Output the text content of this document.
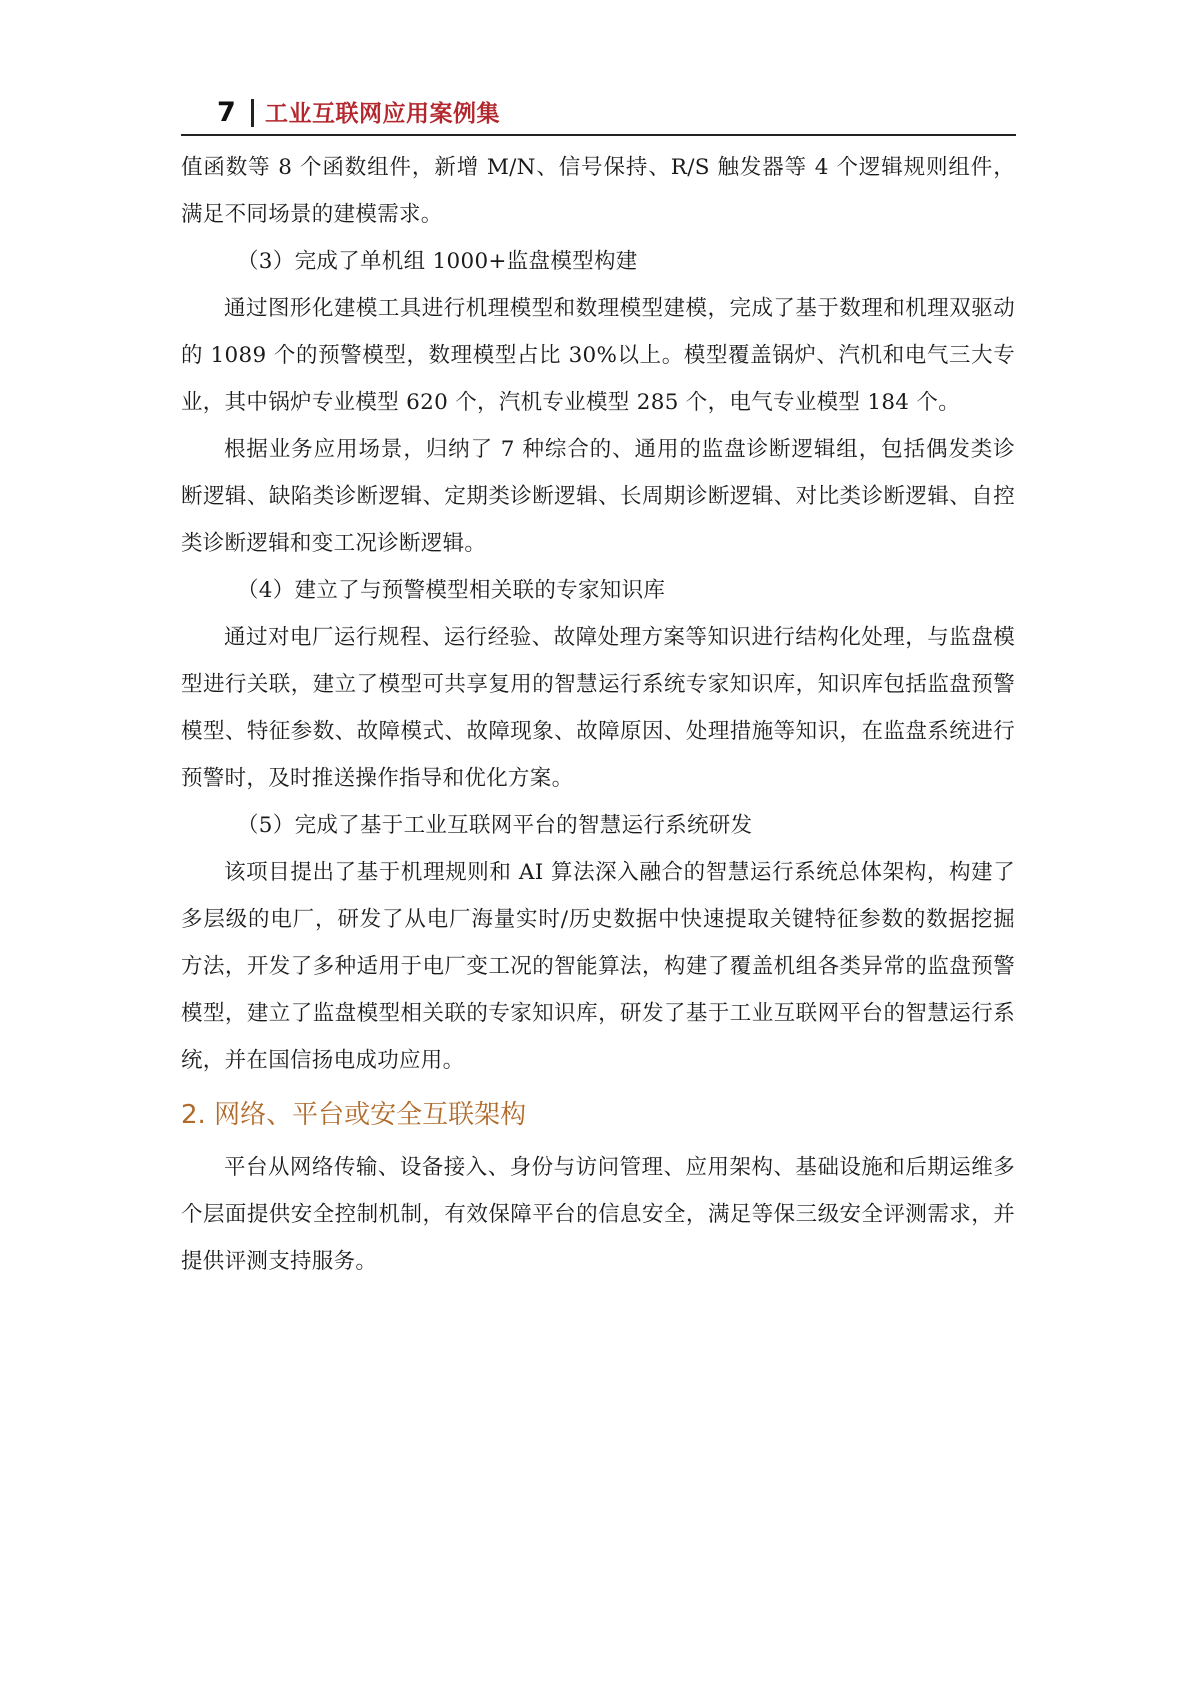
7 工业互联网应用案例集

值函数等 8 个函数组件，新增 M/N、信号保持、R/S 触发器等 4 个逻辑规则组件，满足不同场景的建模需求。

（3）完成了单机组 1000+监盘模型构建

通过图形化建模工具进行机理模型和数理模型建模，完成了基于数理和机理双驱动的 1089 个的预警模型，数理模型占比 30%以上。模型覆盖锅炉、汽机和电气三大专业，其中锅炉专业模型 620 个，汽机专业模型 285 个，电气专业模型 184 个。

根据业务应用场景，归纳了 7 种综合的、通用的监盘诊断逻辑组，包括偶发类诊断逻辑、缺陷类诊断逻辑、定期类诊断逻辑、长周期诊断逻辑、对比类诊断逻辑、自控类诊断逻辑和变工况诊断逻辑。

（4）建立了与预警模型相关联的专家知识库

通过对电厂运行规程、运行经验、故障处理方案等知识进行结构化处理，与监盘模型进行关联，建立了模型可共享复用的智慧运行系统专家知识库，知识库包括监盘预警模型、特征参数、故障模式、故障现象、故障原因、处理措施等知识，在监盘系统进行预警时，及时推送操作指导和优化方案。

（5）完成了基于工业互联网平台的智慧运行系统研发

该项目提出了基于机理规则和 AI 算法深入融合的智慧运行系统总体架构，构建了多层级的电厂，研发了从电厂海量实时/历史数据中快速提取关键特征参数的数据挖掘方法，开发了多种适用于电厂变工况的智能算法，构建了覆盖机组各类异常的监盘预警模型，建立了监盘模型相关联的专家知识库，研发了基于工业互联网平台的智慧运行系统，并在国信扬电成功应用。

2. 网络、平台或安全互联架构

平台从网络传输、设备接入、身份与访问管理、应用架构、基础设施和后期运维多个层面提供安全控制机制，有效保障平台的信息安全，满足等保三级安全评测需求，并提供评测支持服务。
